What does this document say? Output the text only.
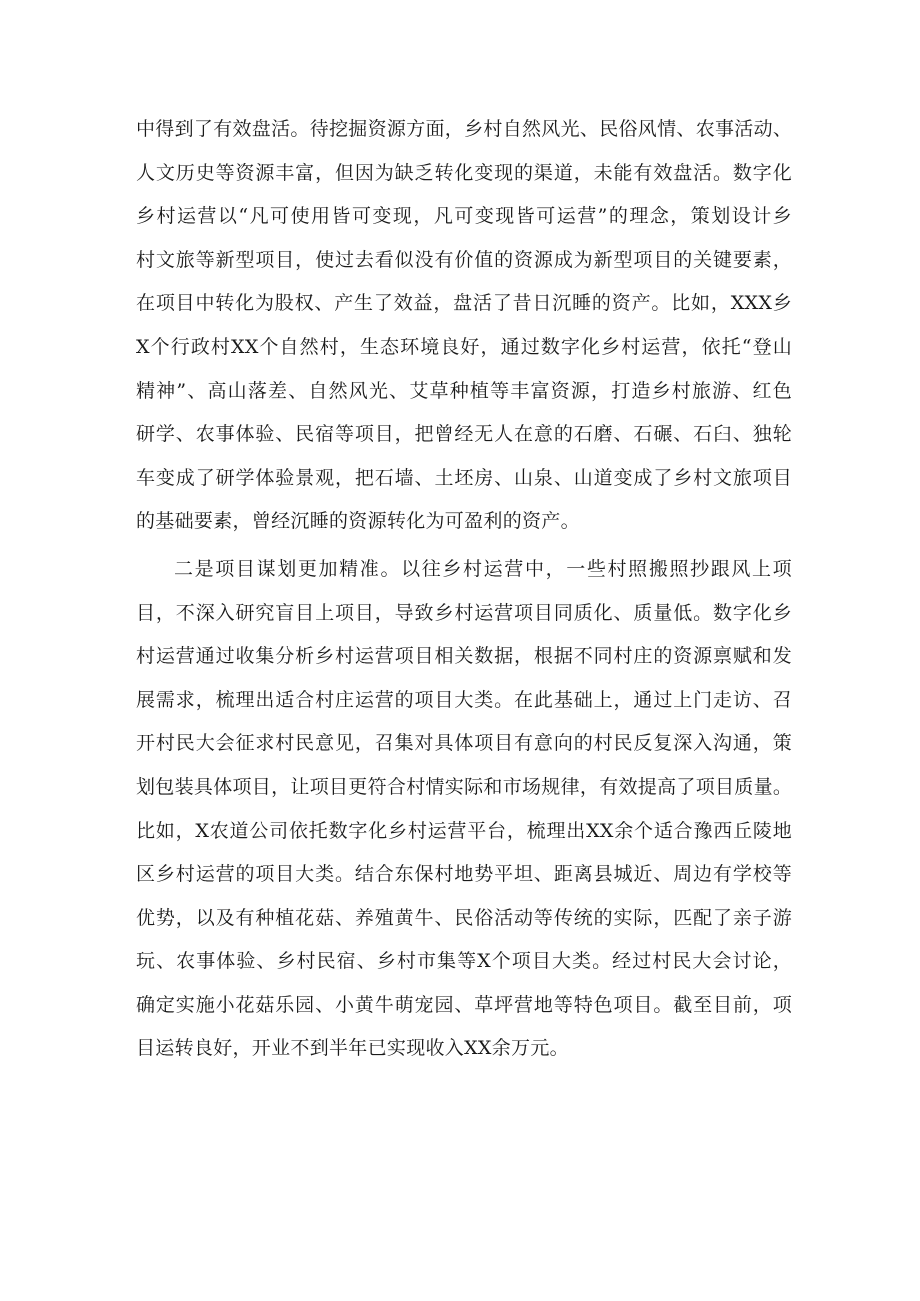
中得到了有效盘活。待挖掘资源方面，乡村自然风光、民俗风情、农事活动、
人文历史等资源丰富，但因为缺乏转化变现的渠道，未能有效盘活。数字化
乡村运营以“凡可使用皆可变现，凡可变现皆可运营”的理念，策划设计乡
村文旅等新型项目，使过去看似没有价值的资源成为新型项目的关键要素，
在项目中转化为股权、产生了效益，盘活了昔日沉睡的资产。比如，XXX乡
X个行政村XX个自然村，生态环境良好，通过数字化乡村运营，依托“登山
精神”、高山落差、自然风光、艾草种植等丰富资源，打造乡村旅游、红色
研学、农事体验、民宿等项目，把曾经无人在意的石磨、石碾、石臼、独轮
车变成了研学体验景观，把石墙、土坯房、山泉、山道变成了乡村文旅项目
的基础要素，曾经沉睡的资源转化为可盈利的资产。
二是项目谋划更加精准。以往乡村运营中，一些村照搬照抄跟风上项
目，不深入研究盲目上项目，导致乡村运营项目同质化、质量低。数字化乡
村运营通过收集分析乡村运营项目相关数据，根据不同村庄的资源禀赋和发
展需求，梳理出适合村庄运营的项目大类。在此基础上，通过上门走访、召
开村民大会征求村民意见，召集对具体项目有意向的村民反复深入沟通，策
划包装具体项目，让项目更符合村情实际和市场规律，有效提高了项目质量。
比如，X农道公司依托数字化乡村运营平台，梳理出XX余个适合豫西丘陵地
区乡村运营的项目大类。结合东保村地势平坦、距离县城近、周边有学校等
优势，以及有种植花菇、养殖黄牛、民俗活动等传统的实际，匹配了亲子游
玩、农事体验、乡村民宿、乡村市集等X个项目大类。经过村民大会讨论，
确定实施小花菇乐园、小黄牛萌宠园、草坪营地等特色项目。截至目前，项
目运转良好，开业不到半年已实现收入XX余万元。
